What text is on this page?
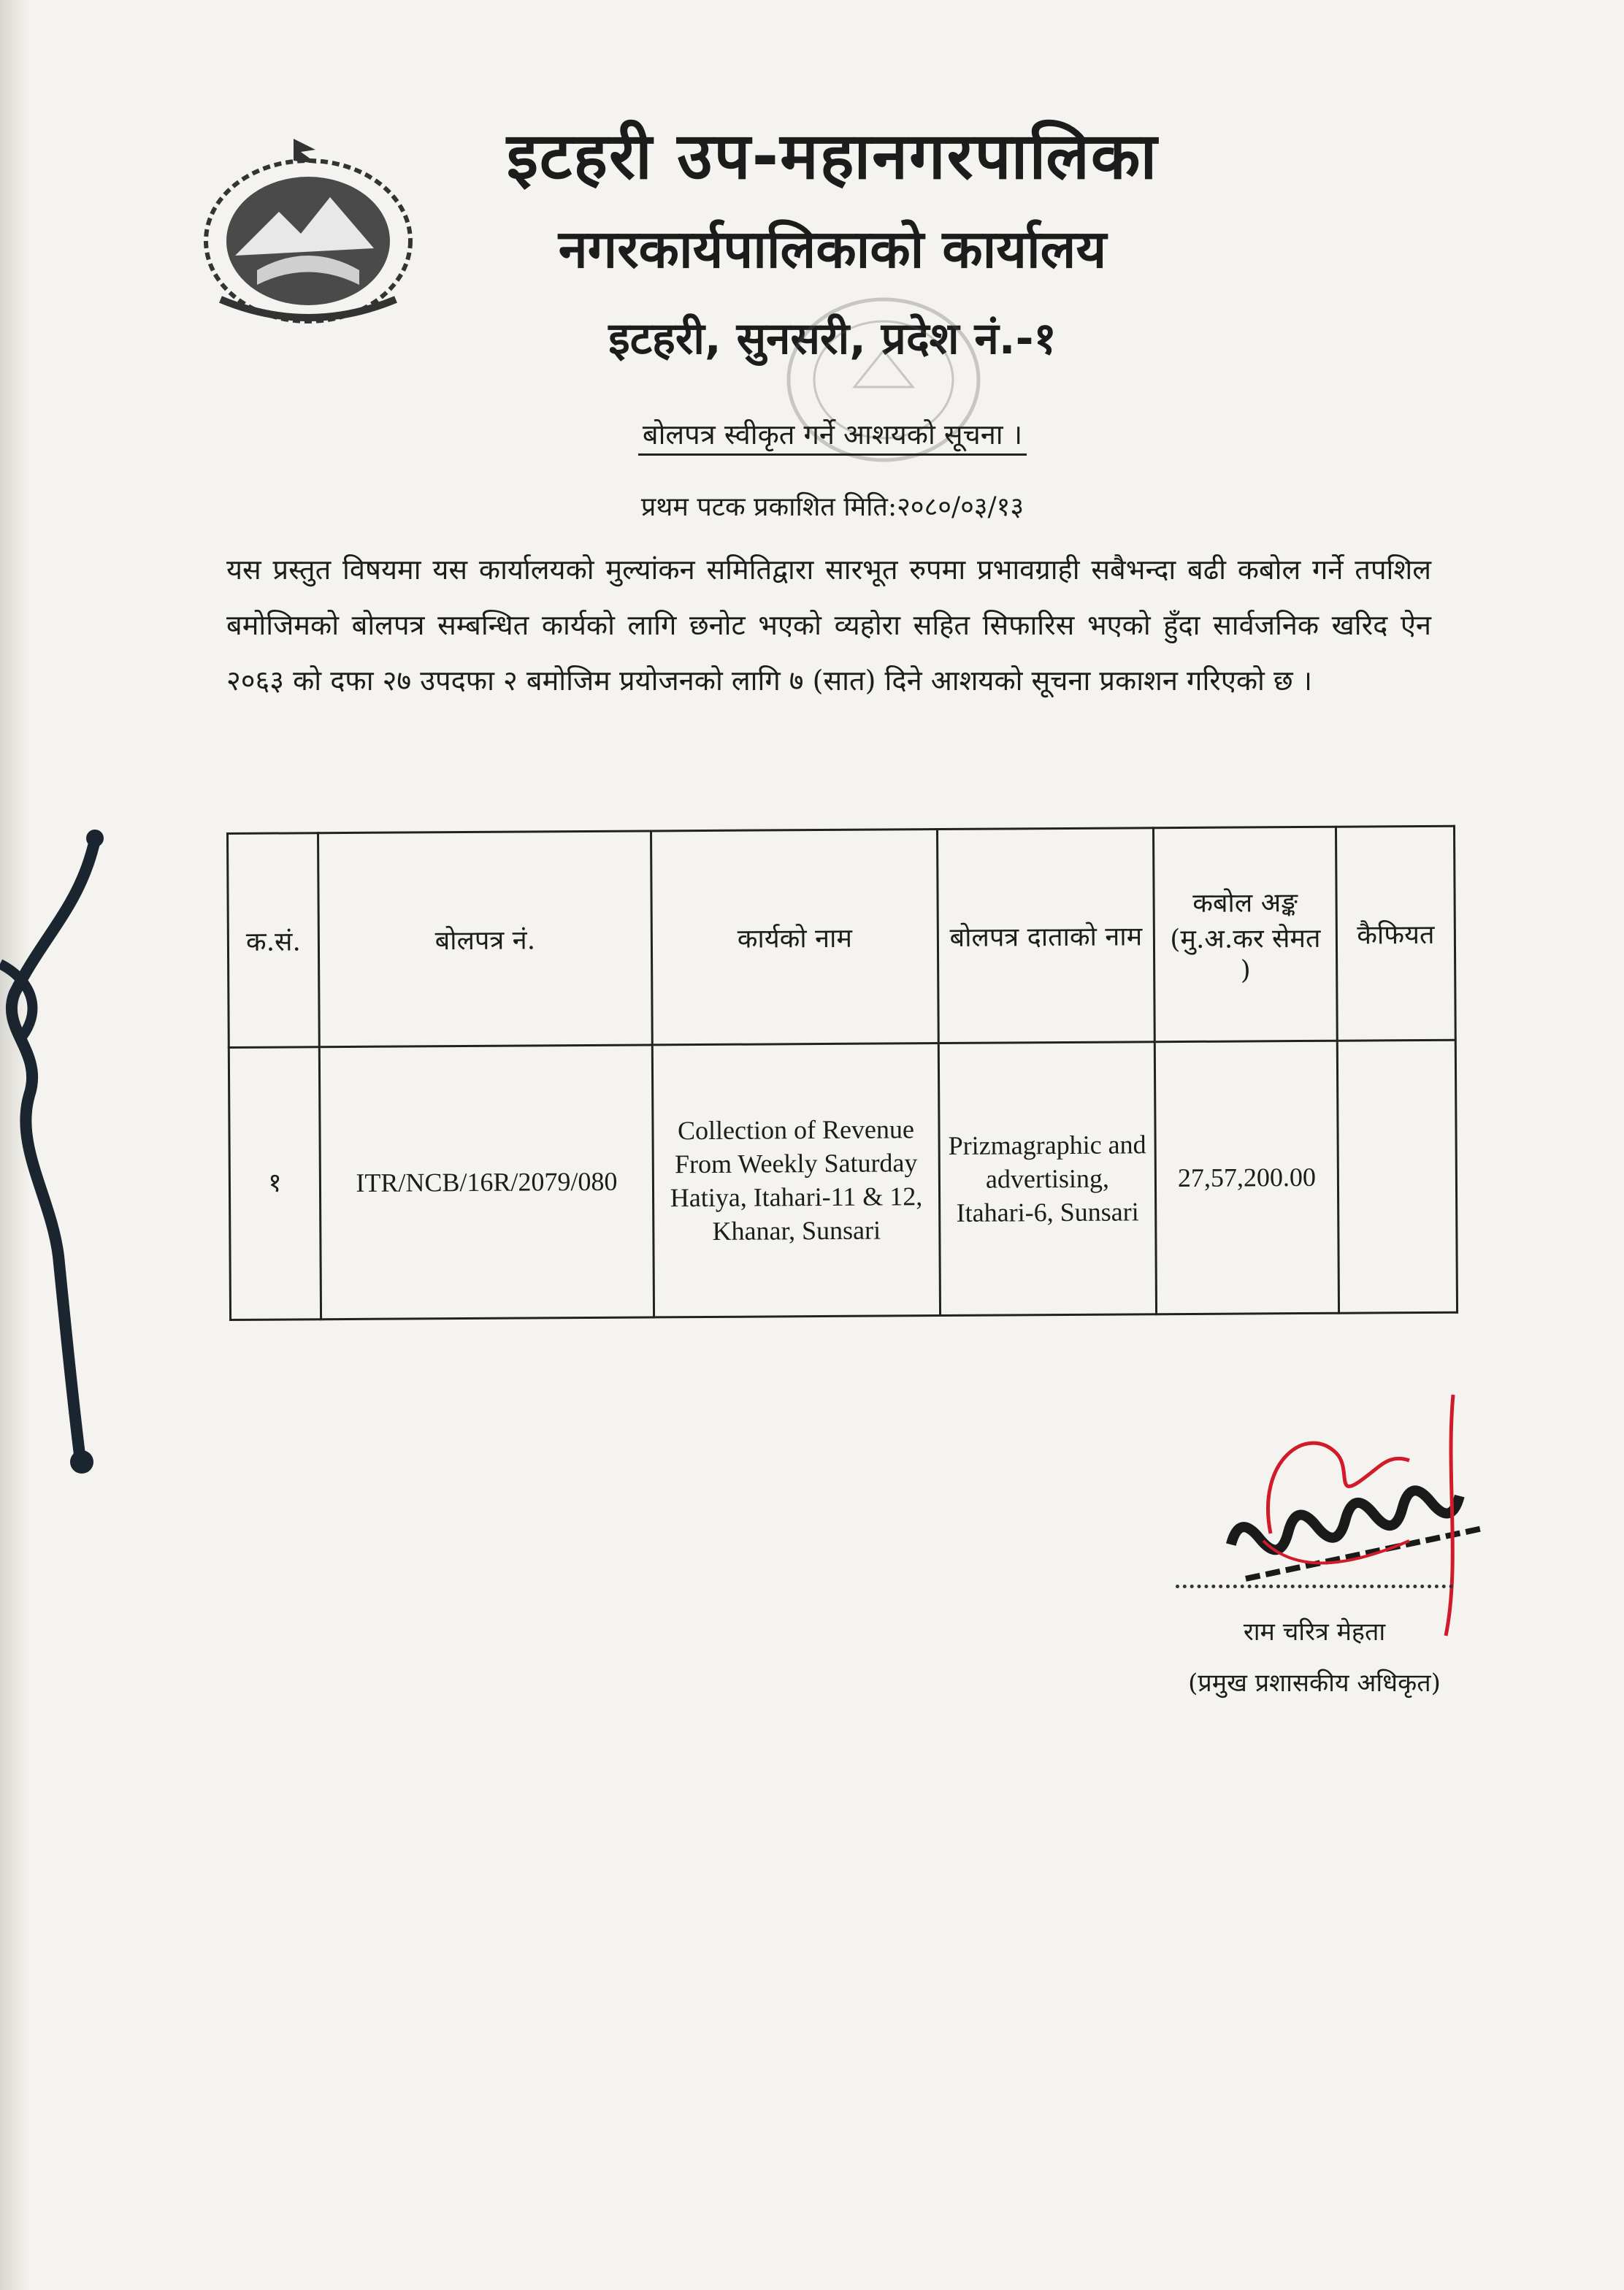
इटहरी उप-महानगरपालिका
नगरकार्यपालिकाको कार्यालय
इटहरी, सुनसरी, प्रदेश नं.-१
बोलपत्र स्वीकृत गर्ने आशयको सूचना ।
प्रथम पटक प्रकाशित मिति:२०८०/०३/१३
यस प्रस्तुत विषयमा यस कार्यालयको मुल्यांकन समितिद्वारा सारभूत रुपमा प्रभावग्राही सबैभन्दा बढी कबोल गर्ने तपशिल बमोजिमको बोलपत्र सम्बन्धित कार्यको लागि छनोट भएको व्यहोरा सहित सिफारिस भएको हुँदा सार्वजनिक खरिद ऐन २०६३ को दफा २७ उपदफा २ बमोजिम प्रयोजनको लागि ७ (सात) दिने आशयको सूचना प्रकाशन गरिएको छ ।
क.सं.	बोलपत्र नं.	कार्यको नाम	बोलपत्र दाताको नाम	कबोल अङ्क (मु.अ.कर सेमत )	कैफियत
१	ITR/NCB/16R/2079/080	Collection of Revenue From Weekly Saturday Hatiya, Itahari-11 & 12, Khanar, Sunsari	Prizmagraphic and advertising, Itahari-6, Sunsari	27,57,200.00	
राम चरित्र मेहता
(प्रमुख प्रशासकीय अधिकृत)
